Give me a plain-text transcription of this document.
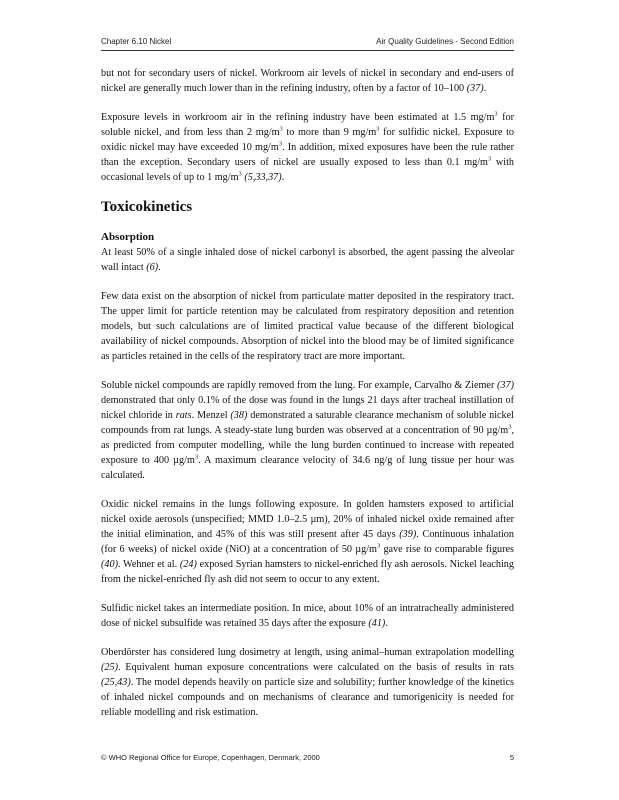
Chapter 6.10 Nickel	Air Quality Guidelines - Second Edition

but not for secondary users of nickel. Workroom air levels of nickel in secondary and end-users of nickel are generally much lower than in the refining industry, often by a factor of 10–100 (37).

Exposure levels in workroom air in the refining industry have been estimated at 1.5 $mg/m^3$ for soluble nickel, and from less than 2 $mg/m^3$ to more than 9 $mg/m^3$ for sulfidic nickel. Exposure to oxidic nickel may have exceeded 10 $mg/m^3$. In addition, mixed exposures have been the rule rather than the exception. Secondary users of nickel are usually exposed to less than 0.1 $mg/m^3$ with occasional levels of up to 1 $mg/m^3$ (5,33,37).

Toxicokinetics
Absorption

At least 50% of a single inhaled dose of nickel carbonyl is absorbed, the agent passing the alveolar wall intact (6).

Few data exist on the absorption of nickel from particulate matter deposited in the respiratory tract. The upper limit for particle retention may be calculated from respiratory deposition and retention models, but such calculations are of limited practical value because of the different biological availability of nickel compounds. Absorption of nickel into the blood may be of limited significance as particles retained in the cells of the respiratory tract are more important.

Soluble nickel compounds are rapidly removed from the lung. For example, Carvalho & Ziemer (37) demonstrated that only 0.1% of the dose was found in the lungs 21 days after tracheal instillation of nickel chloride in rats. Menzel (38) demonstrated a saturable clearance mechanism of soluble nickel compounds from rat lungs. A steady-state lung burden was observed at a concentration of 90 $\mu g/m^3$, as predicted from computer modelling, while the lung burden continued to increase with repeated exposure to 400 $\mu g/m^3$. A maximum clearance velocity of 34.6 ng/g of lung tissue per hour was calculated.

Oxidic nickel remains in the lungs following exposure. In golden hamsters exposed to artificial nickel oxide aerosols (unspecified; MMD 1.0–2.5 µm), 20% of inhaled nickel oxide remained after the initial elimination, and 45% of this was still present after 45 days (39). Continuous inhalation (for 6 weeks) of nickel oxide (NiO) at a concentration of 50 $\mu g/m^3$ gave rise to comparable figures (40). Wehner et al. (24) exposed Syrian hamsters to nickel-enriched fly ash aerosols. Nickel leaching from the nickel-enriched fly ash did not seem to occur to any extent.

Sulfidic nickel takes an intermediate position. In mice, about 10% of an intratracheally administered dose of nickel subsulfide was retained 35 days after the exposure (41).

Oberdörster has considered lung dosimetry at length, using animal–human extrapolation modelling (25). Equivalent human exposure concentrations were calculated on the basis of results in rats (25,43). The model depends heavily on particle size and solubility; further knowledge of the kinetics of inhaled nickel compounds and on mechanisms of clearance and tumorigenicity is needed for reliable modelling and risk estimation.

© WHO Regional Office for Europe, Copenhagen, Denmark, 2000	5
